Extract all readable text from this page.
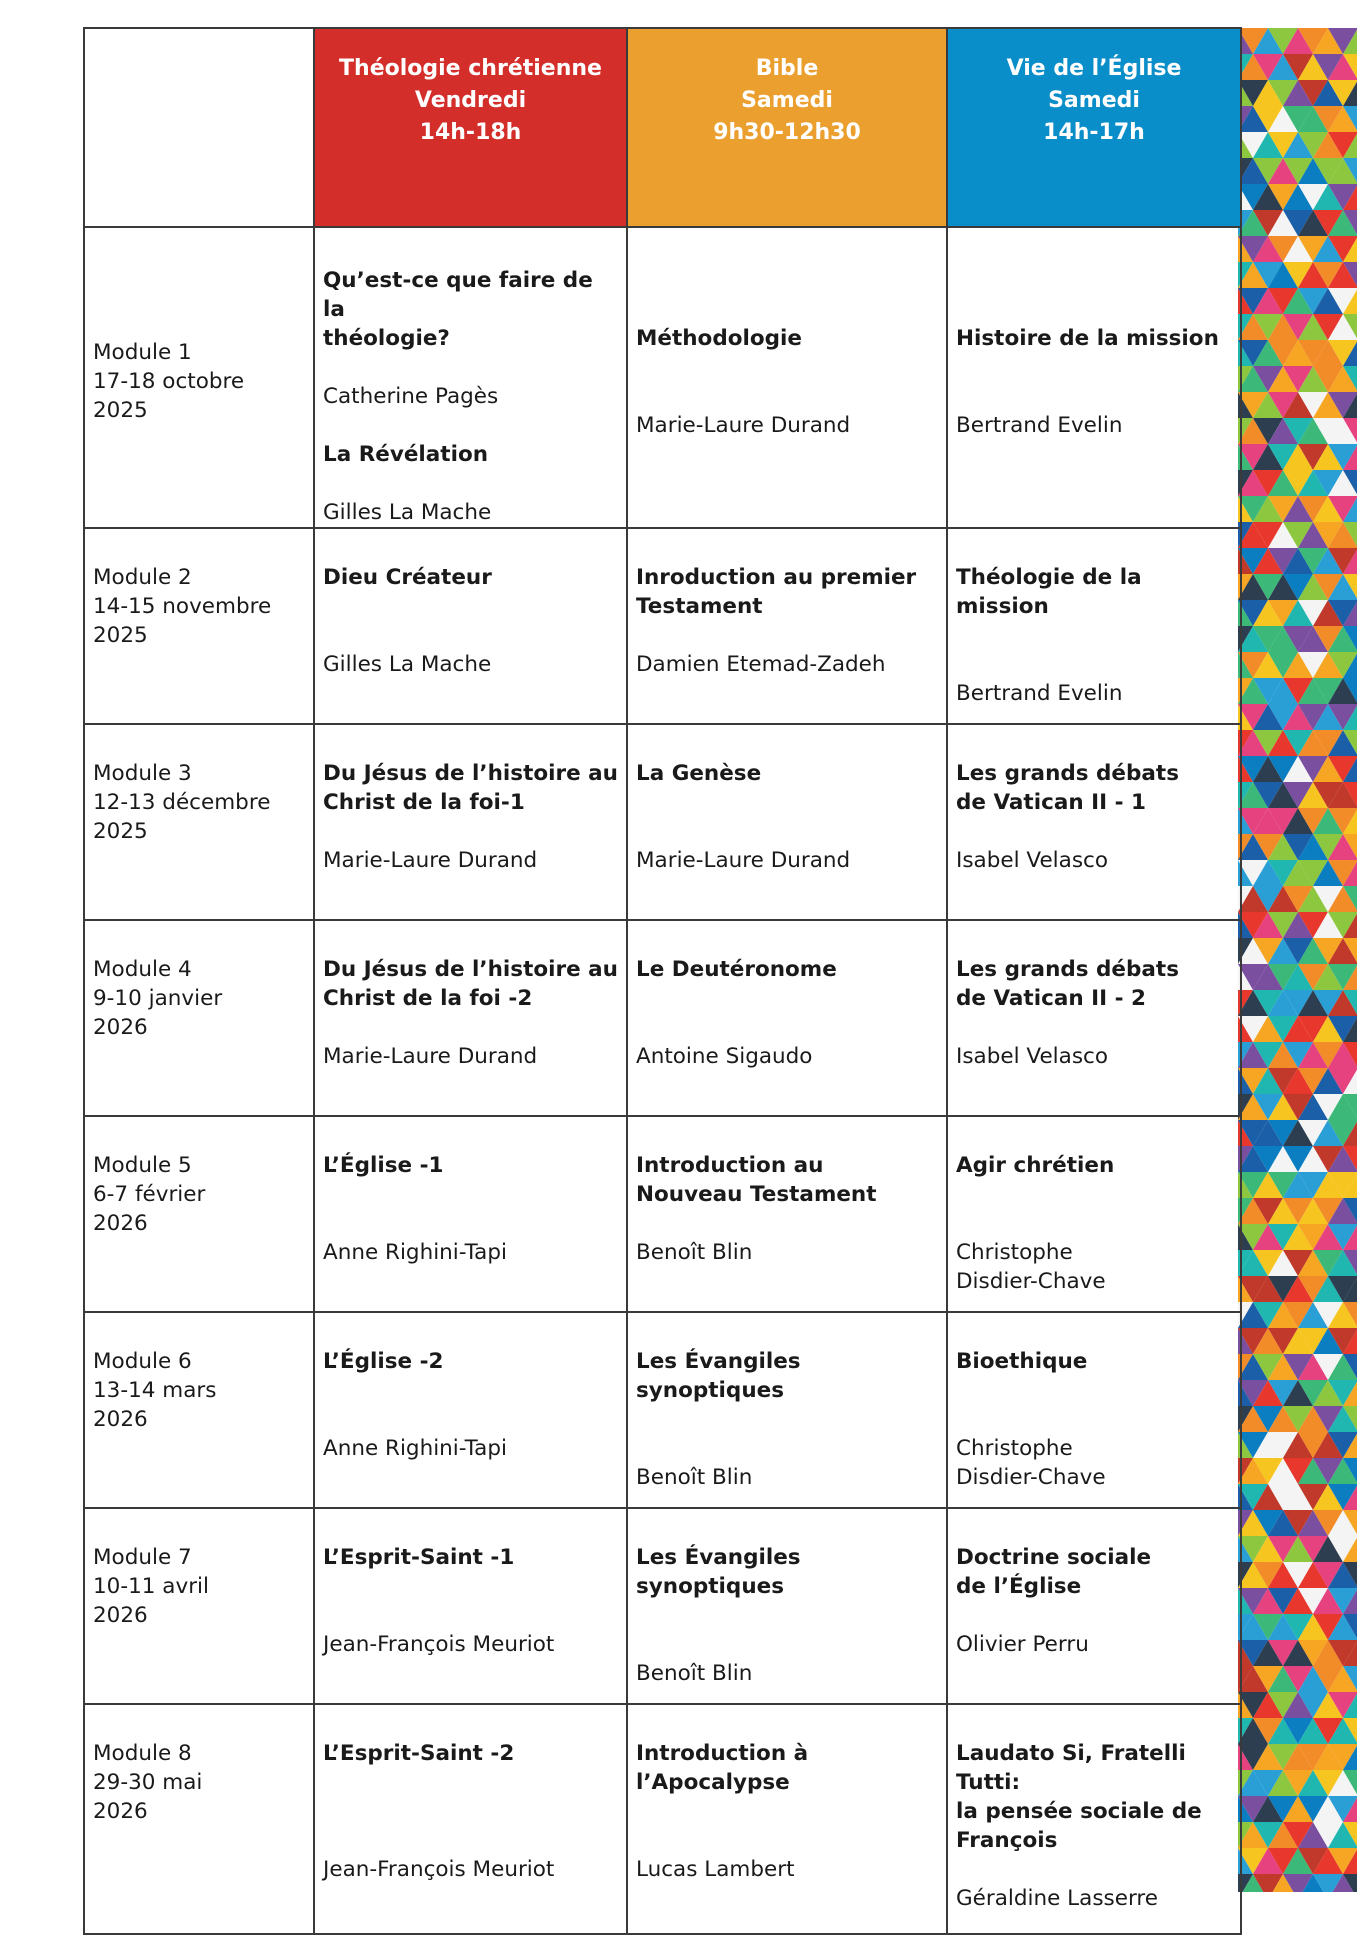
	Théologie chrétienne
Vendredi
14h-18h	Bible
Samedi
9h30-12h30	Vie de l’Église
Samedi
14h-17h

Module 1
17-18 octobre 2025	Qu’est-ce que faire de la
théologie?
Catherine Pagès
La Révélation
Gilles La Mache	Méthodologie
Marie-Laure Durand	Histoire de la mission
Bertrand Evelin

Module 2
14-15 novembre
2025	Dieu Créateur
Gilles La Mache	Inroduction au premier
Testament
Damien Etemad-Zadeh	Théologie de la mission
Bertrand Evelin

Module 3
12-13 décembre
2025	Du Jésus de l’histoire au
Christ de la foi-1
Marie-Laure Durand	La Genèse
Marie-Laure Durand	Les grands débats
de Vatican II - 1
Isabel Velasco

Module 4
9-10 janvier
2026	Du Jésus de l’histoire au
Christ de la foi -2
Marie-Laure Durand	Le Deutéronome
Antoine Sigaudo	Les grands débats
de Vatican II - 2
Isabel Velasco

Module 5
6-7 février
2026	L’Église -1
Anne Righini-Tapi	Introduction au
Nouveau Testament
Benoît Blin	Agir chrétien
Christophe
Disdier-Chave

Module 6
13-14 mars
2026	L’Église -2
Anne Righini-Tapi	Les Évangiles synoptiques
Benoît Blin	Bioethique
Christophe
Disdier-Chave

Module 7
10-11 avril
2026	L’Esprit-Saint -1
Jean-François Meuriot	Les Évangiles synoptiques
Benoît Blin	Doctrine sociale
de l’Église
Olivier Perru

Module 8
29-30 mai
2026	L’Esprit-Saint -2
Jean-François Meuriot	Introduction à
l’Apocalypse
Lucas Lambert	Laudato Si, Fratelli Tutti:
la pensée sociale de
François
Géraldine Lasserre
